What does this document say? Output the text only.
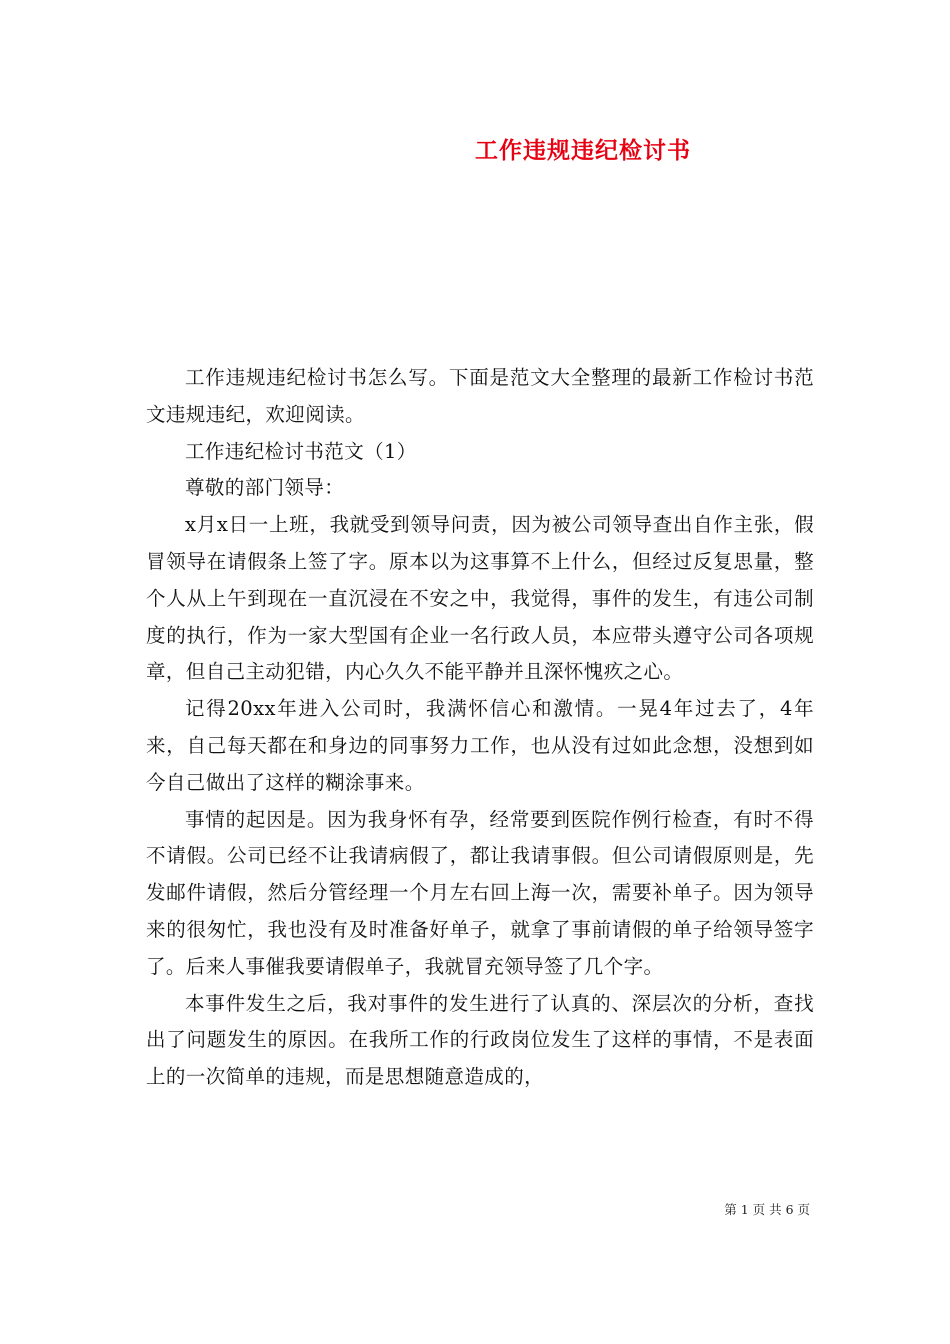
工作违规违纪检讨书

工作违规违纪检讨书怎么写。下面是范文大全整理的最新工作检讨书范文违规违纪，欢迎阅读。

工作违纪检讨书范文（1）

尊敬的部门领导：

x月x日一上班，我就受到领导问责，因为被公司领导查出自作主张，假冒领导在请假条上签了字。原本以为这事算不上什么，但经过反复思量，整个人从上午到现在一直沉浸在不安之中，我觉得，事件的发生，有违公司制度的执行，作为一家大型国有企业一名行政人员，本应带头遵守公司各项规章，但自己主动犯错，内心久久不能平静并且深怀愧疚之心。

记得20xx年进入公司时，我满怀信心和激情。一晃4年过去了，4年来，自己每天都在和身边的同事努力工作，也从没有过如此念想，没想到如今自己做出了这样的糊涂事来。

事情的起因是。因为我身怀有孕，经常要到医院作例行检查，有时不得不请假。公司已经不让我请病假了，都让我请事假。但公司请假原则是，先发邮件请假，然后分管经理一个月左右回上海一次，需要补单子。因为领导来的很匆忙，我也没有及时准备好单子，就拿了事前请假的单子给领导签字了。后来人事催我要请假单子，我就冒充领导签了几个字。

本事件发生之后，我对事件的发生进行了认真的、深层次的分析，查找出了问题发生的原因。在我所工作的行政岗位发生了这样的事情，不是表面上的一次简单的违规，而是思想随意造成的，

第 1 页 共 6 页
